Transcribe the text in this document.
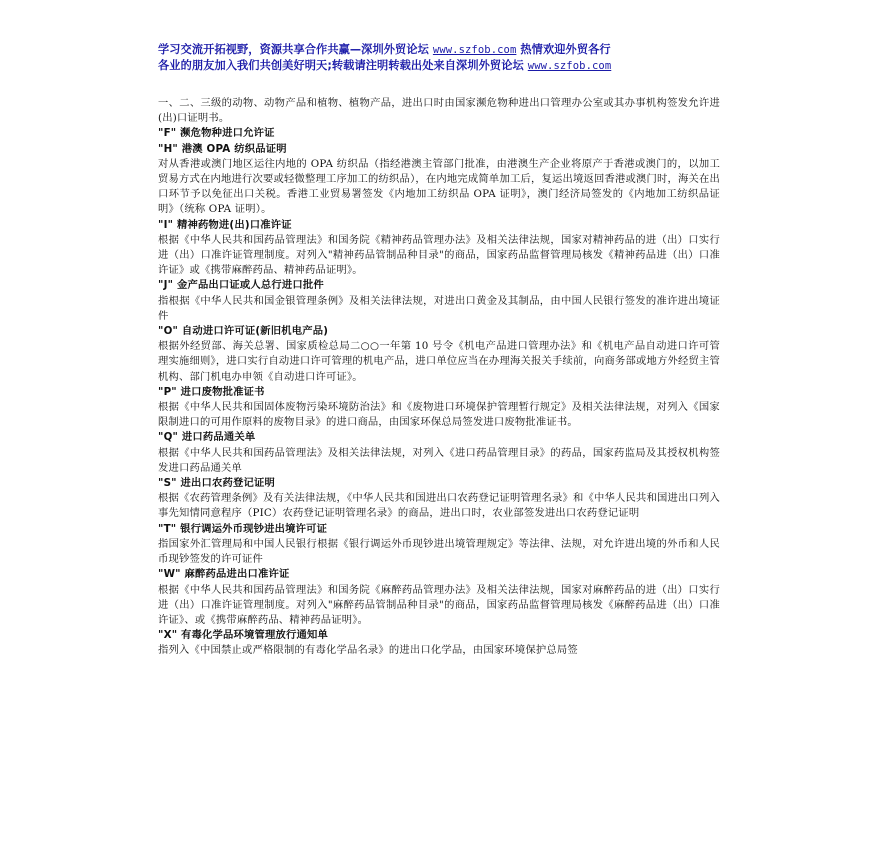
学习交流开拓视野，资源共享合作共赢—深圳外贸论坛 www.szfob.com 热情欢迎外贸各行
各业的朋友加入我们共创美好明天;转载请注明转载出处来自深圳外贸论坛 www.szfob.com

一、二、三级的动物、动物产品和植物、植物产品，进出口时由国家濒危物种进出口管理办公室或其办事机构签发允许进(出)口证明书。

"F" 濒危物种进口允许证

"H" 港澳 OPA 纺织品证明

对从香港或澳门地区运往内地的 OPA 纺织品（指经港澳主管部门批准，由港澳生产企业将原产于香港或澳门的，以加工贸易方式在内地进行次要或轻微整理工序加工的纺织品），在内地完成简单加工后，复运出境返回香港或澳门时，海关在出口环节予以免征出口关税。香港工业贸易署签发《内地加工纺织品 OPA 证明》，澳门经济局签发的《内地加工纺织品证明》（统称 OPA 证明）。

"I" 精神药物进(出)口准许证

根据《中华人民共和国药品管理法》和国务院《精神药品管理办法》及相关法律法规，国家对精神药品的进（出）口实行进（出）口准许证管理制度。对列入"精神药品管制品种目录"的商品，国家药品监督管理局核发《精神药品进（出）口准许证》或《携带麻醉药品、精神药品证明》。

"J" 金产品出口证或人总行进口批件

指根据《中华人民共和国金银管理条例》及相关法律法规，对进出口黄金及其制品，由中国人民银行签发的准许进出境证件

"O" 自动进口许可证(新旧机电产品)

根据外经贸部、海关总署、国家质检总局二○○一年第 10 号令《机电产品进口管理办法》和《机电产品自动进口许可管理实施细则》，进口实行自动进口许可管理的机电产品，进口单位应当在办理海关报关手续前，向商务部或地方外经贸主管机构、部门机电办申领《自动进口许可证》。

"P" 进口废物批准证书

根据《中华人民共和国固体废物污染环境防治法》和《废物进口环境保护管理暂行规定》及相关法律法规，对列入《国家限制进口的可用作原料的废物目录》的进口商品，由国家环保总局签发进口废物批准证书。

"Q" 进口药品通关单

根据《中华人民共和国药品管理法》及相关法律法规，对列入《进口药品管理目录》的药品，国家药监局及其授权机构签发进口药品通关单

"S" 进出口农药登记证明

根据《农药管理条例》及有关法律法规，《中华人民共和国进出口农药登记证明管理名录》和《中华人民共和国进出口列入事先知情同意程序（PIC）农药登记证明管理名录》的商品，进出口时，农业部签发进出口农药登记证明

"T" 银行调运外币现钞进出境许可证

指国家外汇管理局和中国人民银行根据《银行调运外币现钞进出境管理规定》等法律、法规，对允许进出境的外币和人民币现钞签发的许可证件

"W" 麻醉药品进出口准许证

根据《中华人民共和国药品管理法》和国务院《麻醉药品管理办法》及相关法律法规，国家对麻醉药品的进（出）口实行进（出）口准许证管理制度。对列入"麻醉药品管制品种目录"的商品，国家药品监督管理局核发《麻醉药品进（出）口准许证》、或《携带麻醉药品、精神药品证明》。

"X" 有毒化学品环境管理放行通知单

指列入《中国禁止或严格限制的有毒化学品名录》的进出口化学品，由国家环境保护总局签
